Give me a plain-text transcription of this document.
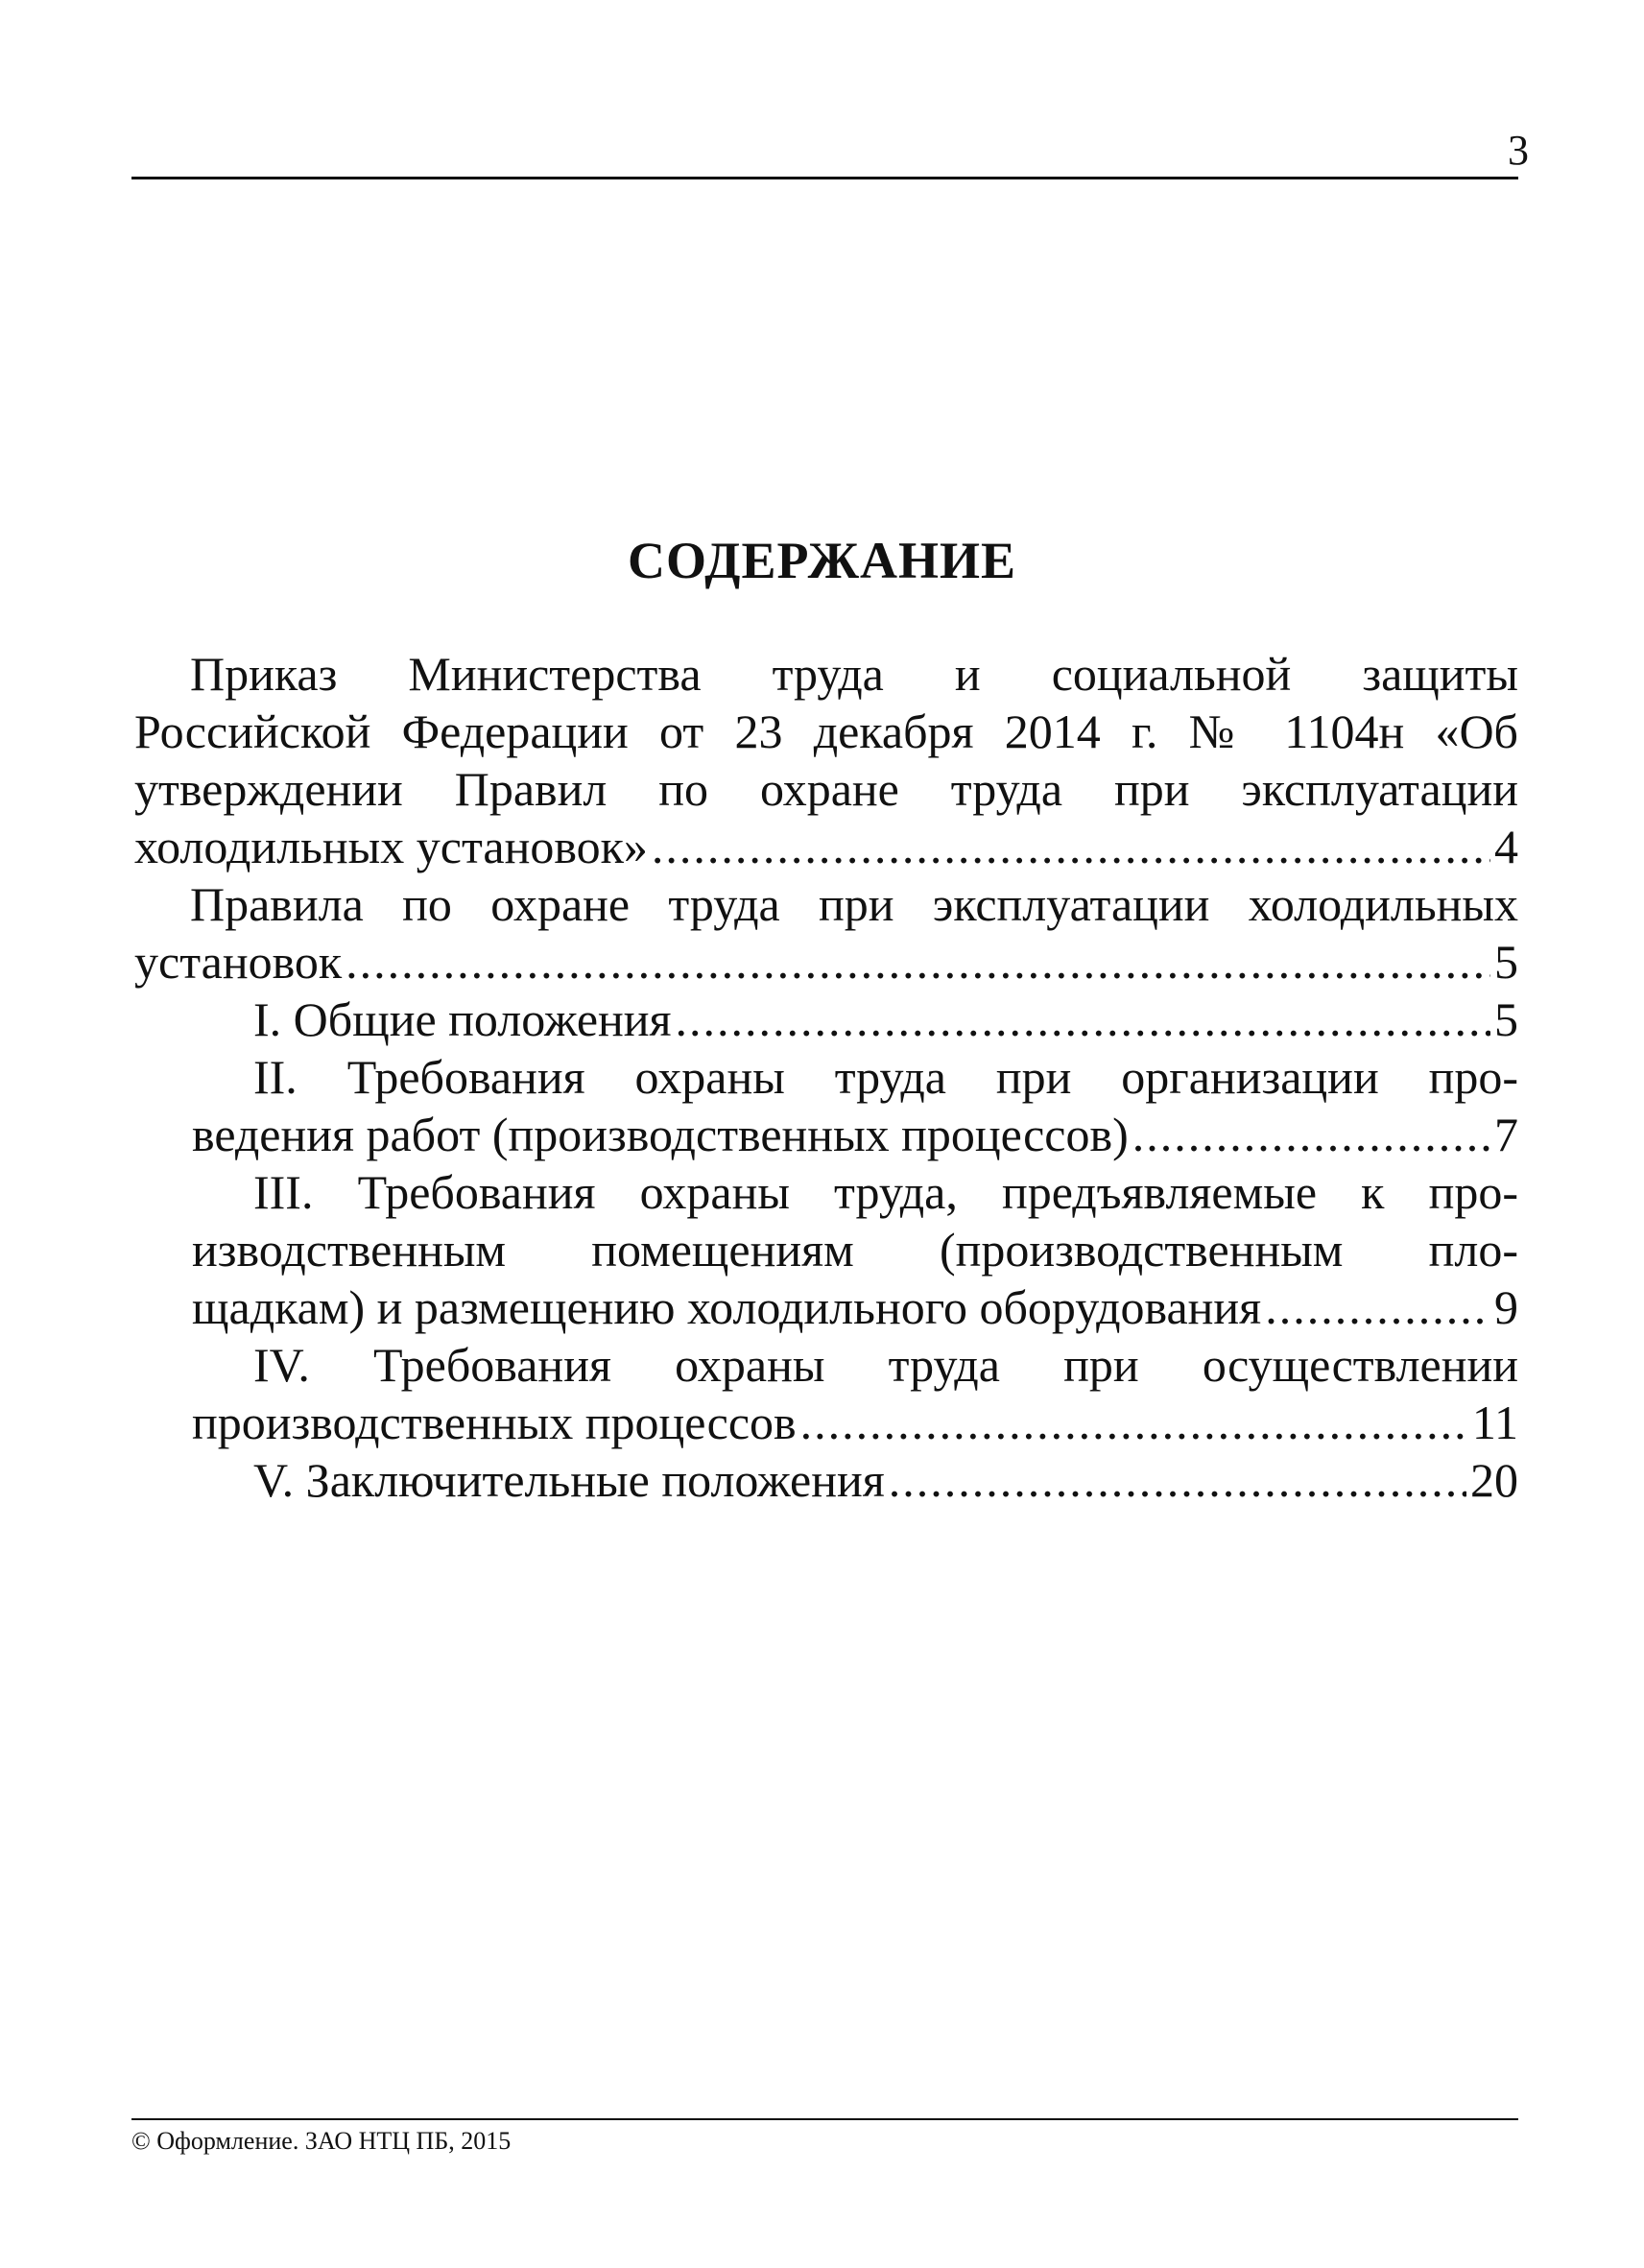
3
СОДЕРЖАНИЕ
Приказ Министерства труда и социальной защиты
Российской Федерации от 23 декабря 2014 г. № 1104н «Об
утверждении Правил по охране труда при эксплуатации
холодильных установок» .....	4
Правила по охране труда при эксплуатации холодильных
установок .....	5
I. Общие положения .....	5
II. Требования охраны труда при организации про-
ведения работ (производственных процессов) .....	7
III. Требования охраны труда, предъявляемые к про-
изводственным помещениям (производственным пло-
щадкам) и размещению холодильного оборудования .....	9
IV. Требования охраны труда при осуществлении
производственных процессов .....	11
V. Заключительные положения .....	20
© Оформление. ЗАО НТЦ ПБ, 2015
